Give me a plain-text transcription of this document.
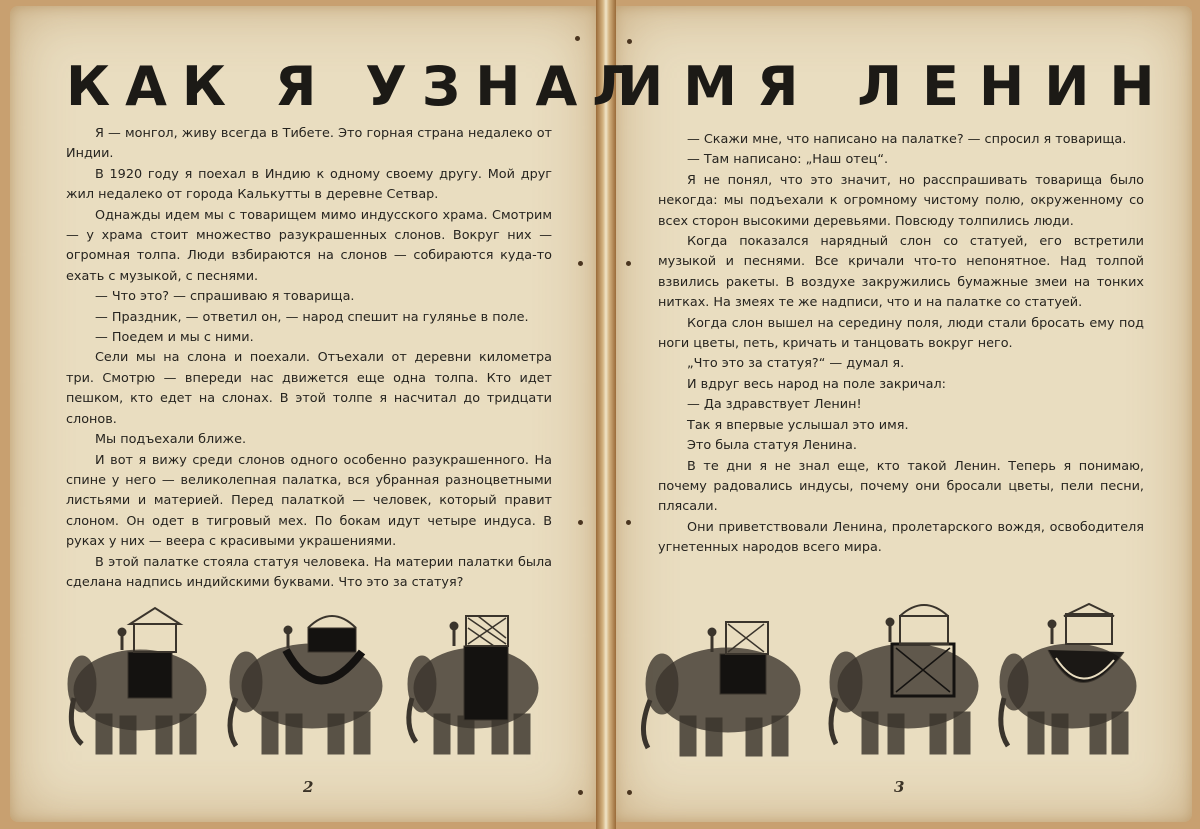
КАК Я УЗНАЛ
ИМЯ ЛЕНИН

Я — монгол, живу всегда в Тибете. Это горная страна недалеко от Индии.

В 1920 году я поехал в Индию к одному своему другу. Мой друг жил недалеко от города Калькутты в деревне Сетвар.

Однажды идем мы с товарищем мимо индусского храма. Смотрим — у храма стоит множество разукрашенных слонов. Вокруг них — огромная толпа. Люди взбираются на слонов — собираются куда-то ехать с музыкой, с песнями.

— Что это? — спрашиваю я товарища.

— Праздник, — ответил он, — народ спешит на гулянье в поле.

— Поедем и мы с ними.

Сели мы на слона и поехали. Отъехали от деревни километра три. Смотрю — впереди нас движется еще одна толпа. Кто идет пешком, кто едет на слонах. В этой толпе я насчитал до тридцати слонов.

Мы подъехали ближе.

И вот я вижу среди слонов одного особенно разукрашенного. На спине у него — великолепная палатка, вся убранная разноцветными листьями и материей. Перед палаткой — человек, который правит слоном. Он одет в тигровый мех. По бокам идут четыре индуса. В руках у них — веера с красивыми украшениями.

В этой палатке стояла статуя человека. На материи палатки была сделана надпись индийскими буквами. Что это за статуя?

— Скажи мне, что написано на палатке? — спросил я товарища.

— Там написано: „Наш отец“.

Я не понял, что это значит, но расспрашивать товарища было некогда: мы подъехали к огромному чистому полю, окруженному со всех сторон высокими деревьями. Повсюду толпились люди.

Когда показался нарядный слон со статуей, его встретили музыкой и песнями. Все кричали что-то непонятное. Над толпой взвились ракеты. В воздухе закружились бумажные змеи на тонких нитках. На змеях те же надписи, что и на палатке со статуей.

Когда слон вышел на середину поля, люди стали бросать ему под ноги цветы, петь, кричать и танцовать вокруг него.

„Что это за статуя?“ — думал я.

И вдруг весь народ на поле закричал:

— Да здравствует Ленин!

Так я впервые услышал это имя.

Это была статуя Ленина.

В те дни я не знал еще, кто такой Ленин. Теперь я понимаю, почему радовались индусы, почему они бросали цветы, пели песни, плясали.

Они приветствовали Ленина, пролетарского вождя, освободителя угнетенных народов всего мира.

2	3
